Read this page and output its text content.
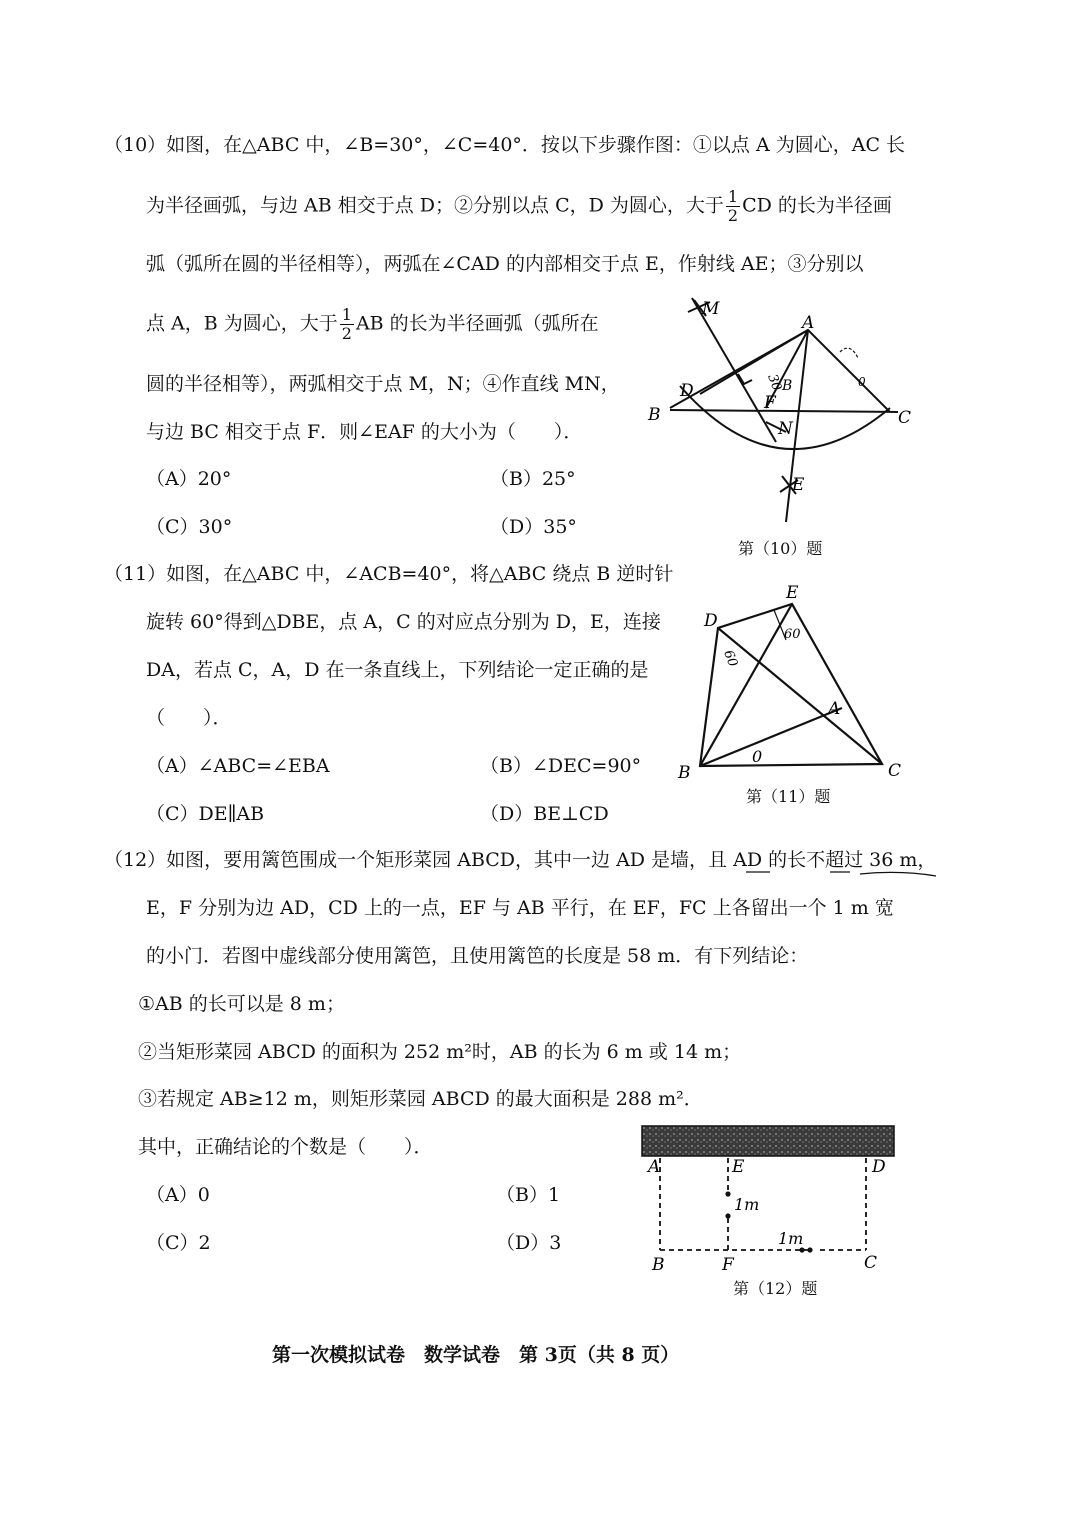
（10）如图，在△ABC 中，∠B=30°，∠C=40°．按以下步骤作图：①以点 A 为圆心，AC 长
为半径画弧，与边 AB 相交于点 D；②分别以点 C，D 为圆心，大于 $\frac{1}{2}$ CD 的长为半径画
弧（弧所在圆的半径相等），两弧在∠CAD 的内部相交于点 E，作射线 AE；③分别以
点 A，B 为圆心，大于 $\frac{1}{2}$ AB 的长为半径画弧（弧所在
圆的半径相等），两弧相交于点 M，N；④作直线 MN，
与边 BC 相交于点 F．则∠EAF 的大小为（　　）．
（A）20°	（B）25°
（C）30°	（D）35°
M
A
B	C
D
F
N
E
30
B	0
第（10）题
（11）如图，在△ABC 中，∠ACB=40°，将△ABC 绕点 B 逆时针
旋转 60°得到△DBE，点 A，C 的对应点分别为 D，E，连接
DA，若点 C，A，D 在一条直线上，下列结论一定正确的是
（　　）．
（A）∠ABC=∠EBA	（B）∠DEC=90°
（C）DE∥AB	（D）BE⊥CD
E
D
B	C
A
60
60
0
第（11）题
（12）如图，要用篱笆围成一个矩形菜园 ABCD，其中一边 AD 是墙，且 AD 的长不超过 36 m，
E，F 分别为边 AD，CD 上的一点，EF 与 AB 平行，在 EF，FC 上各留出一个 1 m 宽
的小门．若图中虚线部分使用篱笆，且使用篱笆的长度是 58 m．有下列结论：
①AB 的长可以是 8 m；
②当矩形菜园 ABCD 的面积为 252 m²时，AB 的长为 6 m 或 14 m；
③若规定 AB≥12 m，则矩形菜园 ABCD 的最大面积是 288 m²．
其中，正确结论的个数是（　　）．
（A）0	（B）1
（C）2	（D）3
A	E	D
B	F	C
1m
1m
第（12）题
第一次模拟试卷　数学试卷　第 3页（共 8 页）
